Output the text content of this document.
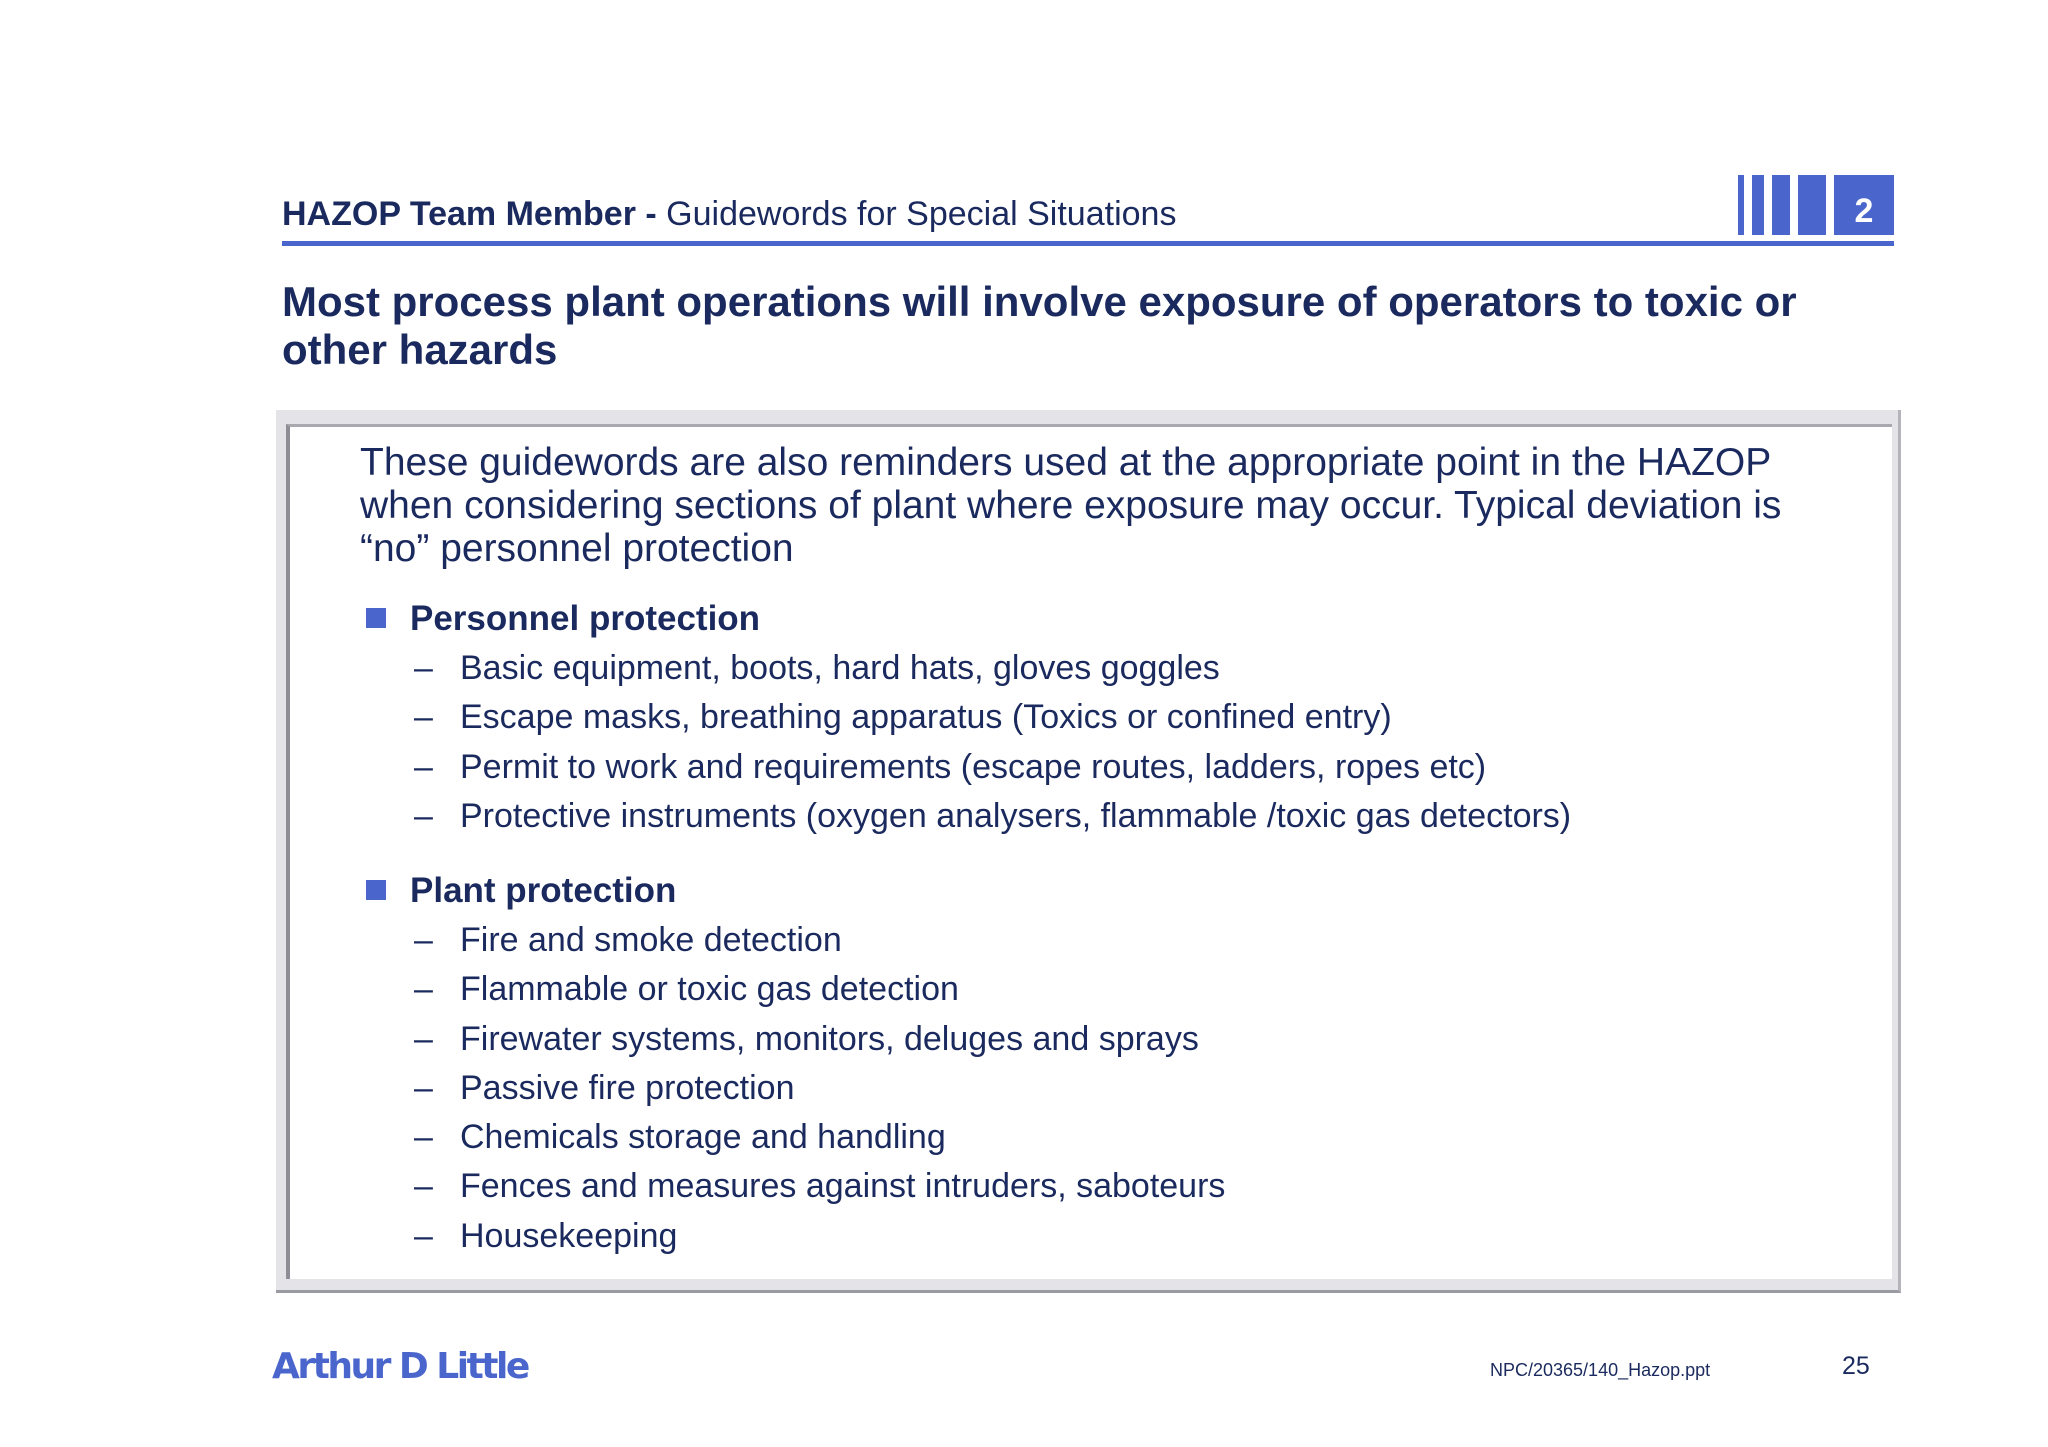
HAZOP Team Member - Guidewords for Special Situations	2
Most process plant operations will involve exposure of operators to toxic or other hazards
These guidewords are also reminders used at the appropriate point in the HAZOP when considering sections of plant where exposure may occur. Typical deviation is “no” personnel protection
Personnel protection
– Basic equipment, boots, hard hats, gloves goggles
– Escape masks, breathing apparatus (Toxics or confined entry)
– Permit to work and requirements (escape routes, ladders, ropes etc)
– Protective instruments (oxygen analysers, flammable /toxic gas detectors)
Plant protection
– Fire and smoke detection
– Flammable or toxic gas detection
– Firewater systems, monitors, deluges and sprays
– Passive fire protection
– Chemicals storage and handling
– Fences and measures against intruders, saboteurs
– Housekeeping
Arthur D Little	NPC/20365/140_Hazop.ppt	25
